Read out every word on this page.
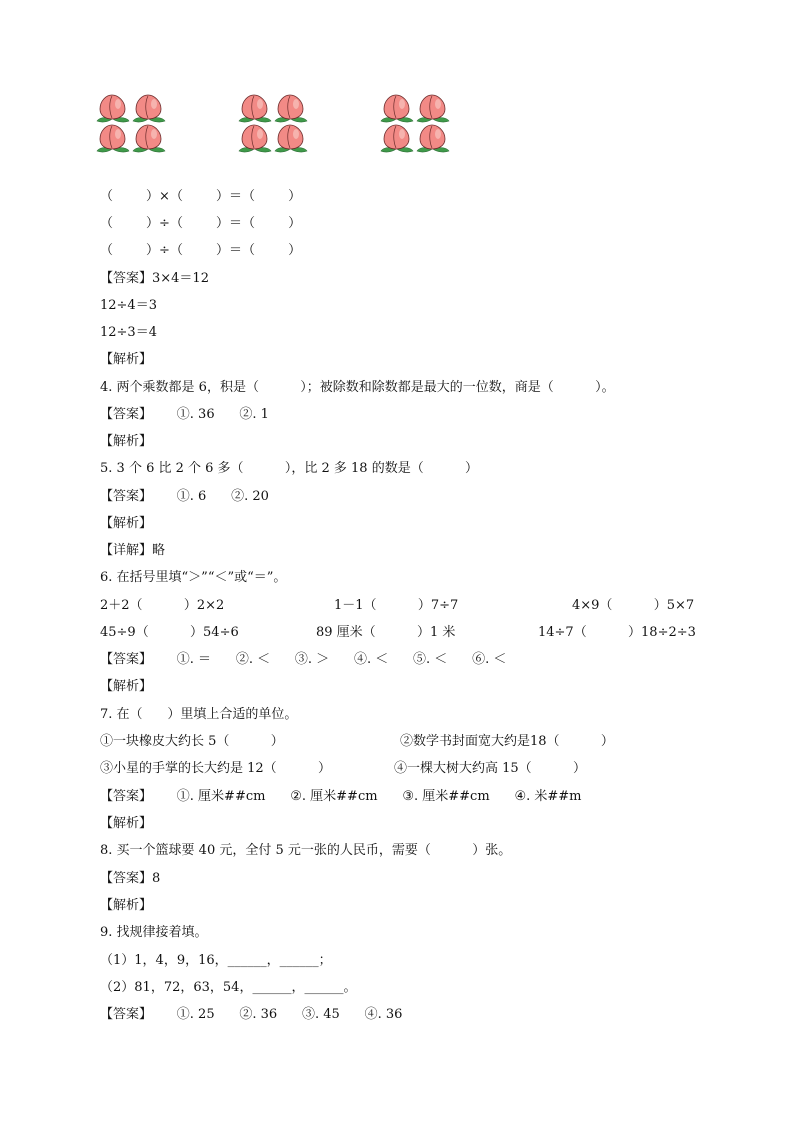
（        ）×（        ）＝（        ）
（        ）÷（        ）＝（        ）
（        ）÷（        ）＝（        ）
【答案】3×4＝12
12÷4＝3
12÷3＝4
【解析】
4. 两个乘数都是 6，积是（          ）；被除数和除数都是最大的一位数，商是（          ）。
【答案】      ①. 36      ②. 1
【解析】
5. 3 个 6 比 2 个 6 多（          ），比 2 多 18 的数是（          ）
【答案】      ①. 6      ②. 20
【解析】
【详解】略
6. 在括号里填“＞”“＜”或“＝”。

2＋2（          ）2×2

	1－1（          ）7÷7

	4×9（          ）5×7

45÷9（          ）54÷6

	89 厘米（          ）1 米

	14÷7（          ）18÷2÷3

【答案】      ①. ＝      ②. ＜      ③. ＞      ④. ＜      ⑤. ＜      ⑥. ＜
【解析】
7. 在（      ）里填上合适的单位。

①一块橡皮大约长 5（          ）

	②数学书封面宽大约是18（          ）

③小星的手掌的长大约是 12（          ）

	④一棵大树大约高 15（          ）

【答案】      ①. 厘米##cm      ②. 厘米##cm      ③. 厘米##cm      ④. 米##m
【解析】
8. 买一个篮球要 40 元，全付 5 元一张的人民币，需要（          ）张。
【答案】8
【解析】
9. 找规律接着填。
（1）1，4，9，16，______，______；
（2）81，72，63，54，______，______。
【答案】      ①. 25      ②. 36      ③. 45      ④. 36
